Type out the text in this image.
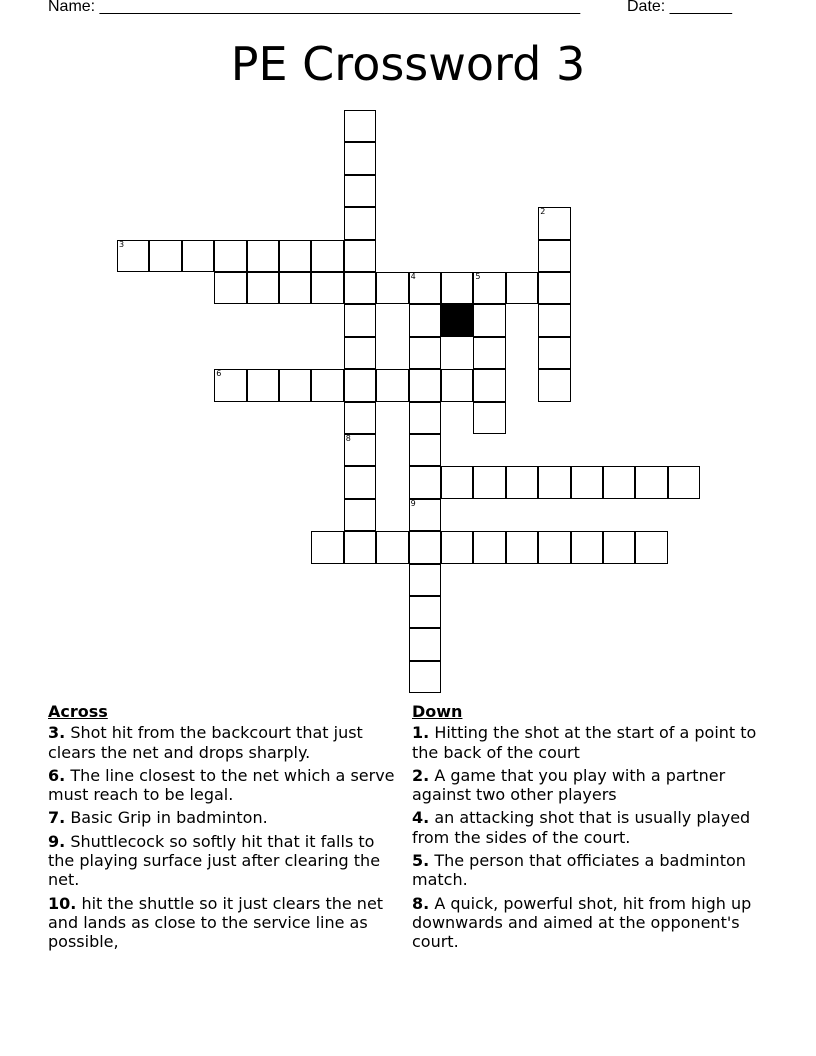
Name: ______________________________________________________	Date: _______
PE Crossword 3
3
2
4	5
9
6
8
Across
3. Shot hit from the backcourt that just clears the net and drops sharply.
6. The line closest to the net which a serve must reach to be legal.
7. Basic Grip in badminton.
9. Shuttlecock so softly hit that it falls to the playing surface just after clearing the net.
10. hit the shuttle so it just clears the net and lands as close to the service line as possible,
Down
1. Hitting the shot at the start of a point to the back of the court
2. A game that you play with a partner against two other players
4. an attacking shot that is usually played from the sides of the court.
5. The person that officiates a badminton match.
8. A quick, powerful shot, hit from high up downwards and aimed at the opponent's court.
